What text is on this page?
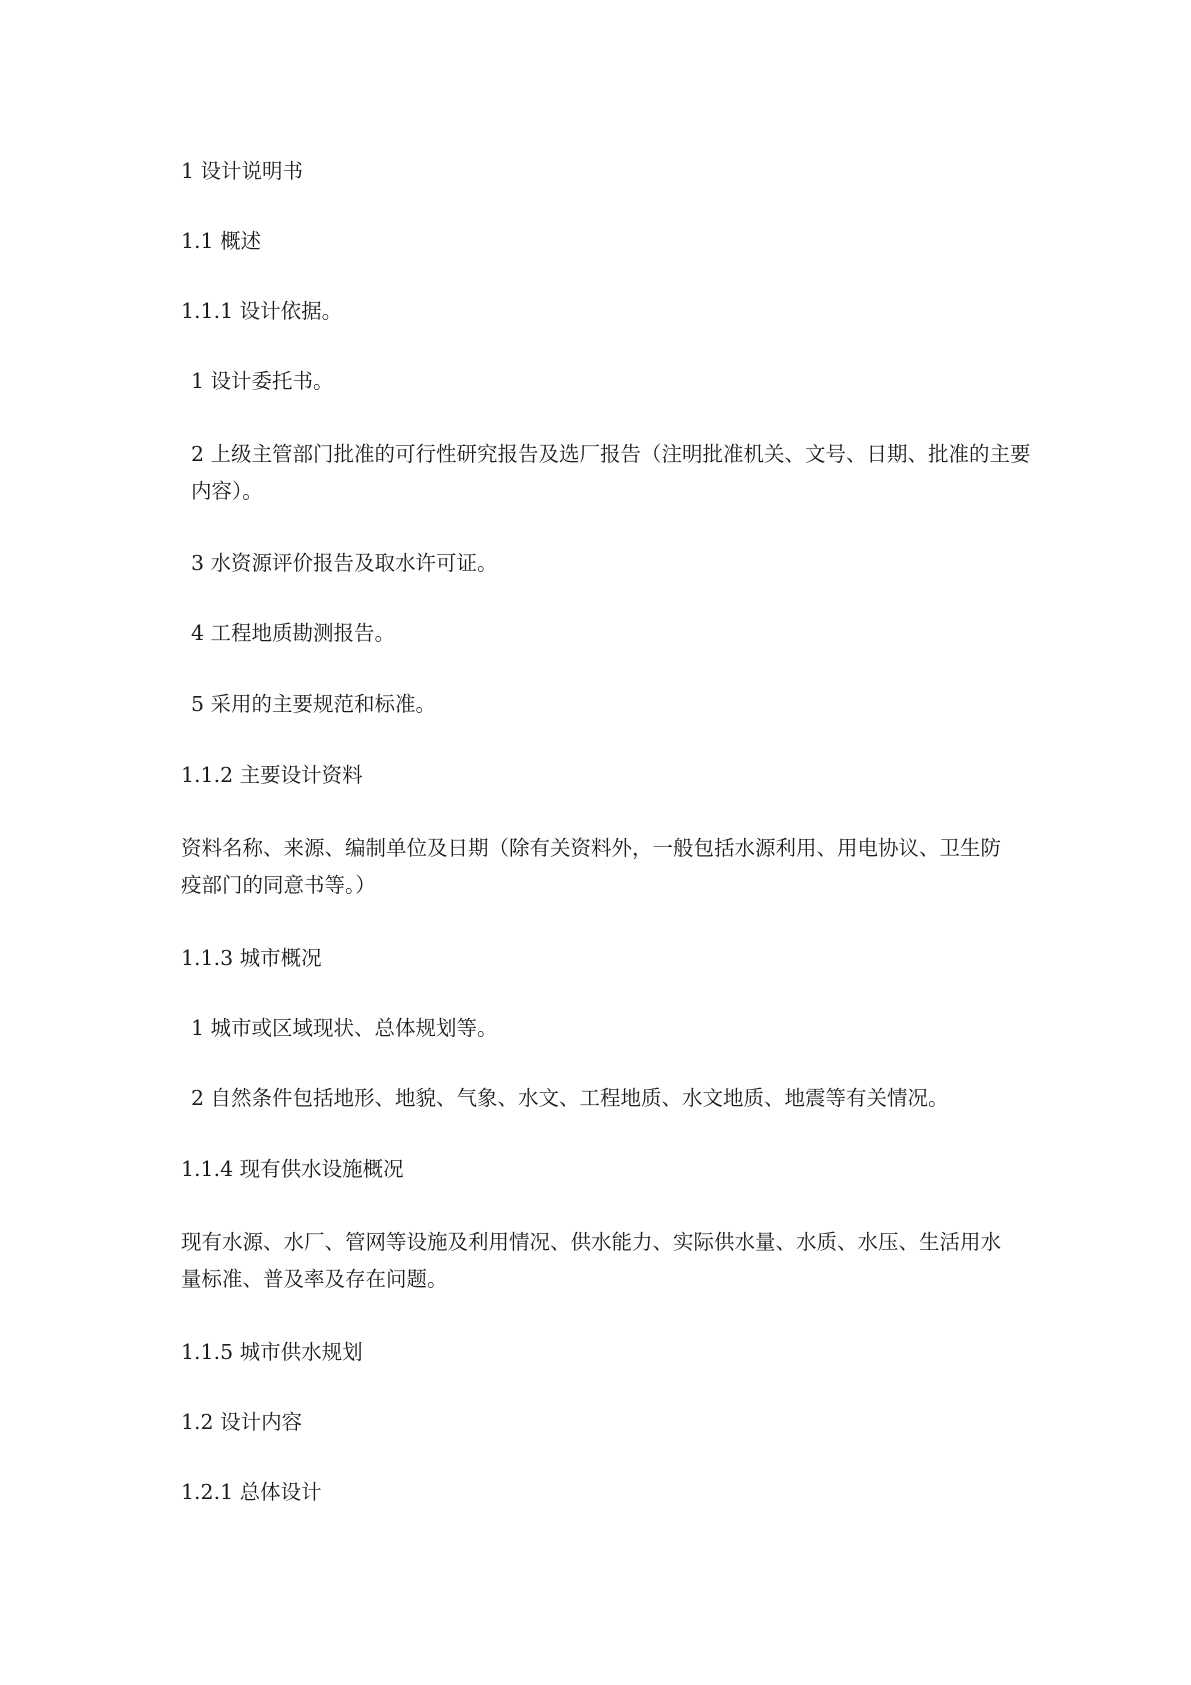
1 设计说明书

1.1 概述

1.1.1 设计依据。

1 设计委托书。

2 上级主管部门批准的可行性研究报告及选厂报告（注明批准机关、文号、日期、批准的主要内容）。

3 水资源评价报告及取水许可证。

4 工程地质勘测报告。

5 采用的主要规范和标准。

1.1.2 主要设计资料

资料名称、来源、编制单位及日期（除有关资料外，一般包括水源利用、用电协议、卫生防疫部门的同意书等。）

1.1.3 城市概况

1 城市或区域现状、总体规划等。

2 自然条件包括地形、地貌、气象、水文、工程地质、水文地质、地震等有关情况。

1.1.4 现有供水设施概况

现有水源、水厂、管网等设施及利用情况、供水能力、实际供水量、水质、水压、生活用水量标准、普及率及存在问题。

1.1.5 城市供水规划

1.2 设计内容

1.2.1 总体设计
